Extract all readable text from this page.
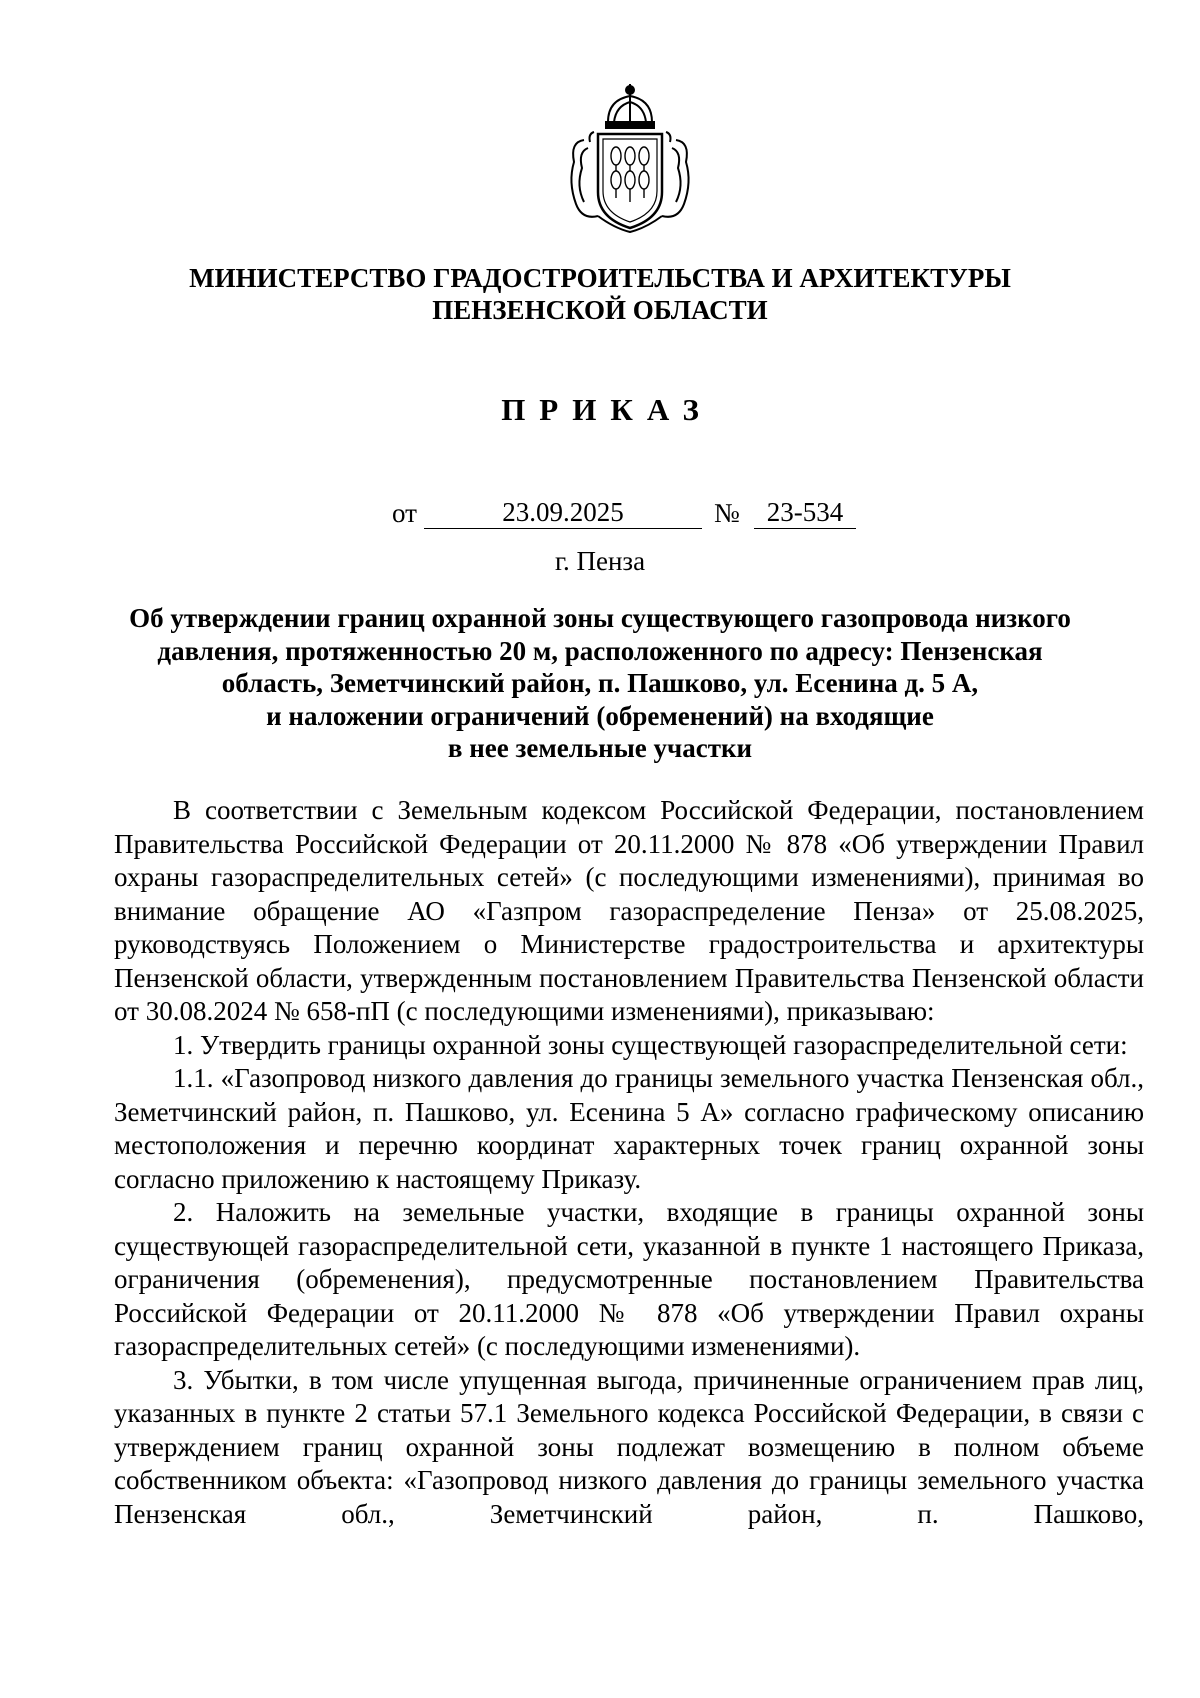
МИНИСТЕРСТВО ГРАДОСТРОИТЕЛЬСТВА И АРХИТЕКТУРЫ
ПЕНЗЕНСКОЙ ОБЛАСТИ
ПРИКАЗ
от	23.09.2025	№ 23-534
г. Пенза
Об утверждении границ охранной зоны существующего газопровода низкого
давления, протяженностью 20 м, расположенного по адресу: Пензенская
область, Земетчинский район, п. Пашково, ул. Есенина д. 5 А,
и наложении ограничений (обременений) на входящие
в нее земельные участки

В соответствии с Земельным кодексом Российской Федерации, постановлением Правительства Российской Федерации от 20.11.2000 № 878 «Об утверждении Правил охраны газораспределительных сетей» (с последующими изменениями), принимая во внимание обращение АО «Газпром газораспределение Пенза» от 25.08.2025, руководствуясь Положением о Министерстве градостроительства и архитектуры Пензенской области, утвержденным постановлением Правительства Пензенской области от 30.08.2024 № 658-пП (с последующими изменениями), приказываю:

1. Утвердить границы охранной зоны существующей газораспределительной сети:

1.1. «Газопровод низкого давления до границы земельного участка Пензенская обл., Земетчинский район, п. Пашково, ул. Есенина 5 А» согласно графическому описанию местоположения и перечню координат характерных точек границ охранной зоны согласно приложению к настоящему Приказу.

2. Наложить на земельные участки, входящие в границы охранной зоны существующей газораспределительной сети, указанной в пункте 1 настоящего Приказа, ограничения (обременения), предусмотренные постановлением Правительства Российской Федерации от 20.11.2000 № 878 «Об утверждении Правил охраны газораспределительных сетей» (с последующими изменениями).

3. Убытки, в том числе упущенная выгода, причиненные ограничением прав лиц, указанных в пункте 2 статьи 57.1 Земельного кодекса Российской Федерации, в связи с утверждением границ охранной зоны подлежат возмещению в полном объеме собственником объекта: «Газопровод низкого давления до границы земельного участка Пензенская обл., Земетчинский район, п. Пашково,
